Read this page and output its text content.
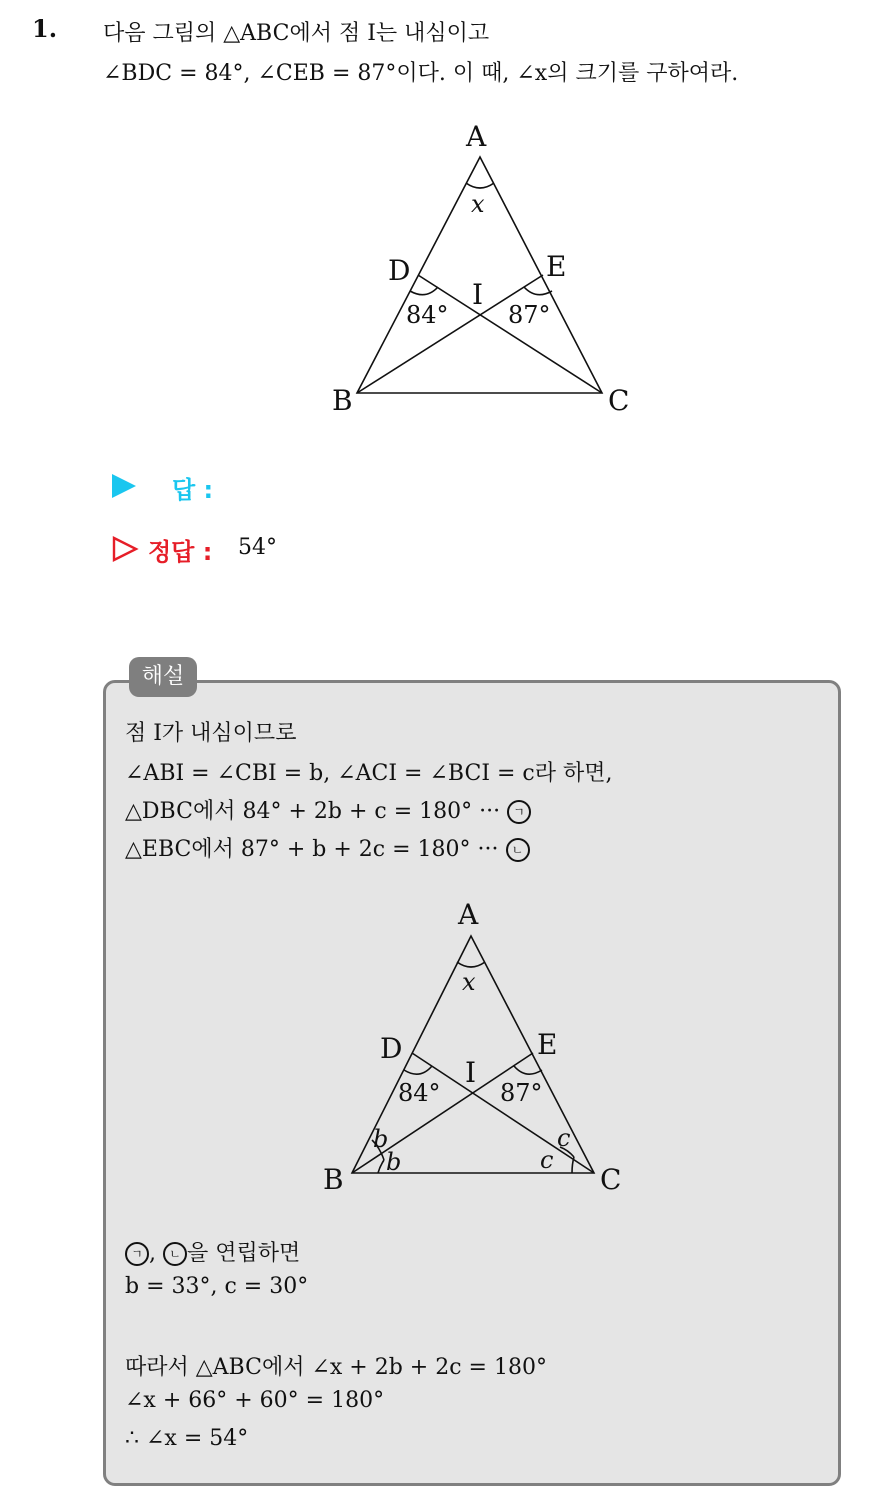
1. 다음 그림의 △ABC에서 점 I는 내심이고
∠BDC = 84°, ∠CEB = 87°이다. 이 때, ∠x의 크기를 구하여라.
A
B	C
D	E
I
x
84° 87°
답 :
정답 : 54°
해설
점 I가 내심이므로
∠ABI = ∠CBI = b, ∠ACI = ∠BCI = c라 하면,
△DBC에서 84° + 2b + c = 180° ··· ㄱ
△EBC에서 87° + b + 2c = 180° ··· ㄴ
A
B	C
D	E
I
x
84° 87°
b
b
c
c
ㄱ , ㄴ 을 연립하면
b = 33°, c = 30°
따라서 △ABC에서 ∠x + 2b + 2c = 180°
∠x + 66° + 60° = 180°
∴ ∠x = 54°
